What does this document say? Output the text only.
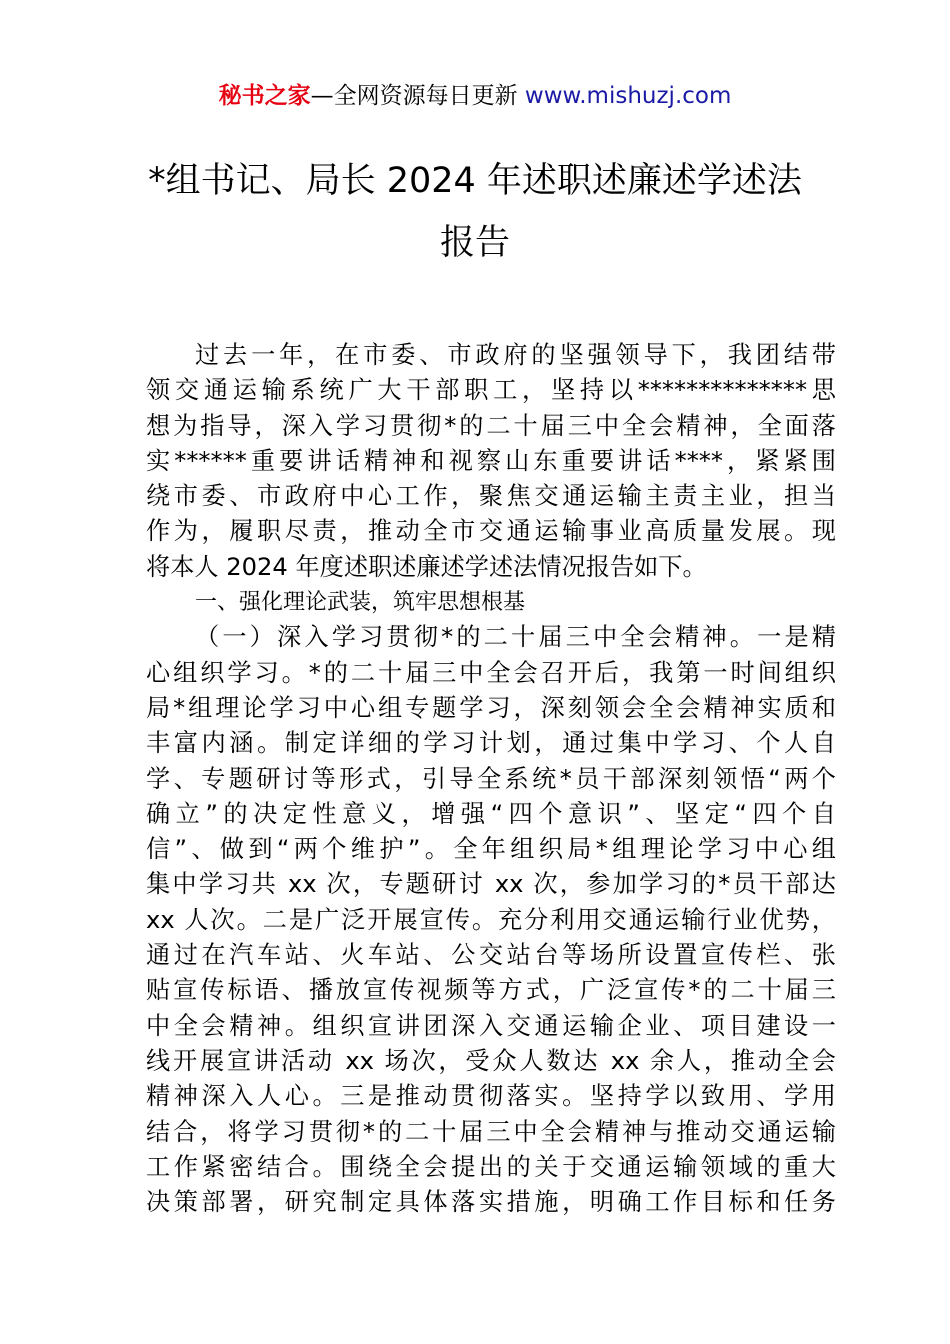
秘书之家—全网资源每日更新 www.mishuzj.com
*组书记、局长 2024 年述职述廉述学述法
报告
过去一年，在市委、市政府的坚强领导下，我团结带
领交通运输系统广大干部职工，坚持以**************思
想为指导，深入学习贯彻*的二十届三中全会精神，全面落
实******重要讲话精神和视察山东重要讲话****，紧紧围
绕市委、市政府中心工作，聚焦交通运输主责主业，担当
作为，履职尽责，推动全市交通运输事业高质量发展。现
将本人 2024 年度述职述廉述学述法情况报告如下。
一、强化理论武装，筑牢思想根基
（一）深入学习贯彻*的二十届三中全会精神。一是精
心组织学习。*的二十届三中全会召开后，我第一时间组织
局*组理论学习中心组专题学习，深刻领会全会精神实质和
丰富内涵。制定详细的学习计划，通过集中学习、个人自
学、专题研讨等形式，引导全系统*员干部深刻领悟“两个
确立”的决定性意义，增强“四个意识”、坚定“四个自
信”、做到“两个维护”。全年组织局*组理论学习中心组
集中学习共 xx 次，专题研讨 xx 次，参加学习的*员干部达
xx 人次。二是广泛开展宣传。充分利用交通运输行业优势，
通过在汽车站、火车站、公交站台等场所设置宣传栏、张
贴宣传标语、播放宣传视频等方式，广泛宣传*的二十届三
中全会精神。组织宣讲团深入交通运输企业、项目建设一
线开展宣讲活动 xx 场次，受众人数达 xx 余人，推动全会
精神深入人心。三是推动贯彻落实。坚持学以致用、学用
结合，将学习贯彻*的二十届三中全会精神与推动交通运输
工作紧密结合。围绕全会提出的关于交通运输领域的重大
决策部署，研究制定具体落实措施，明确工作目标和任务
